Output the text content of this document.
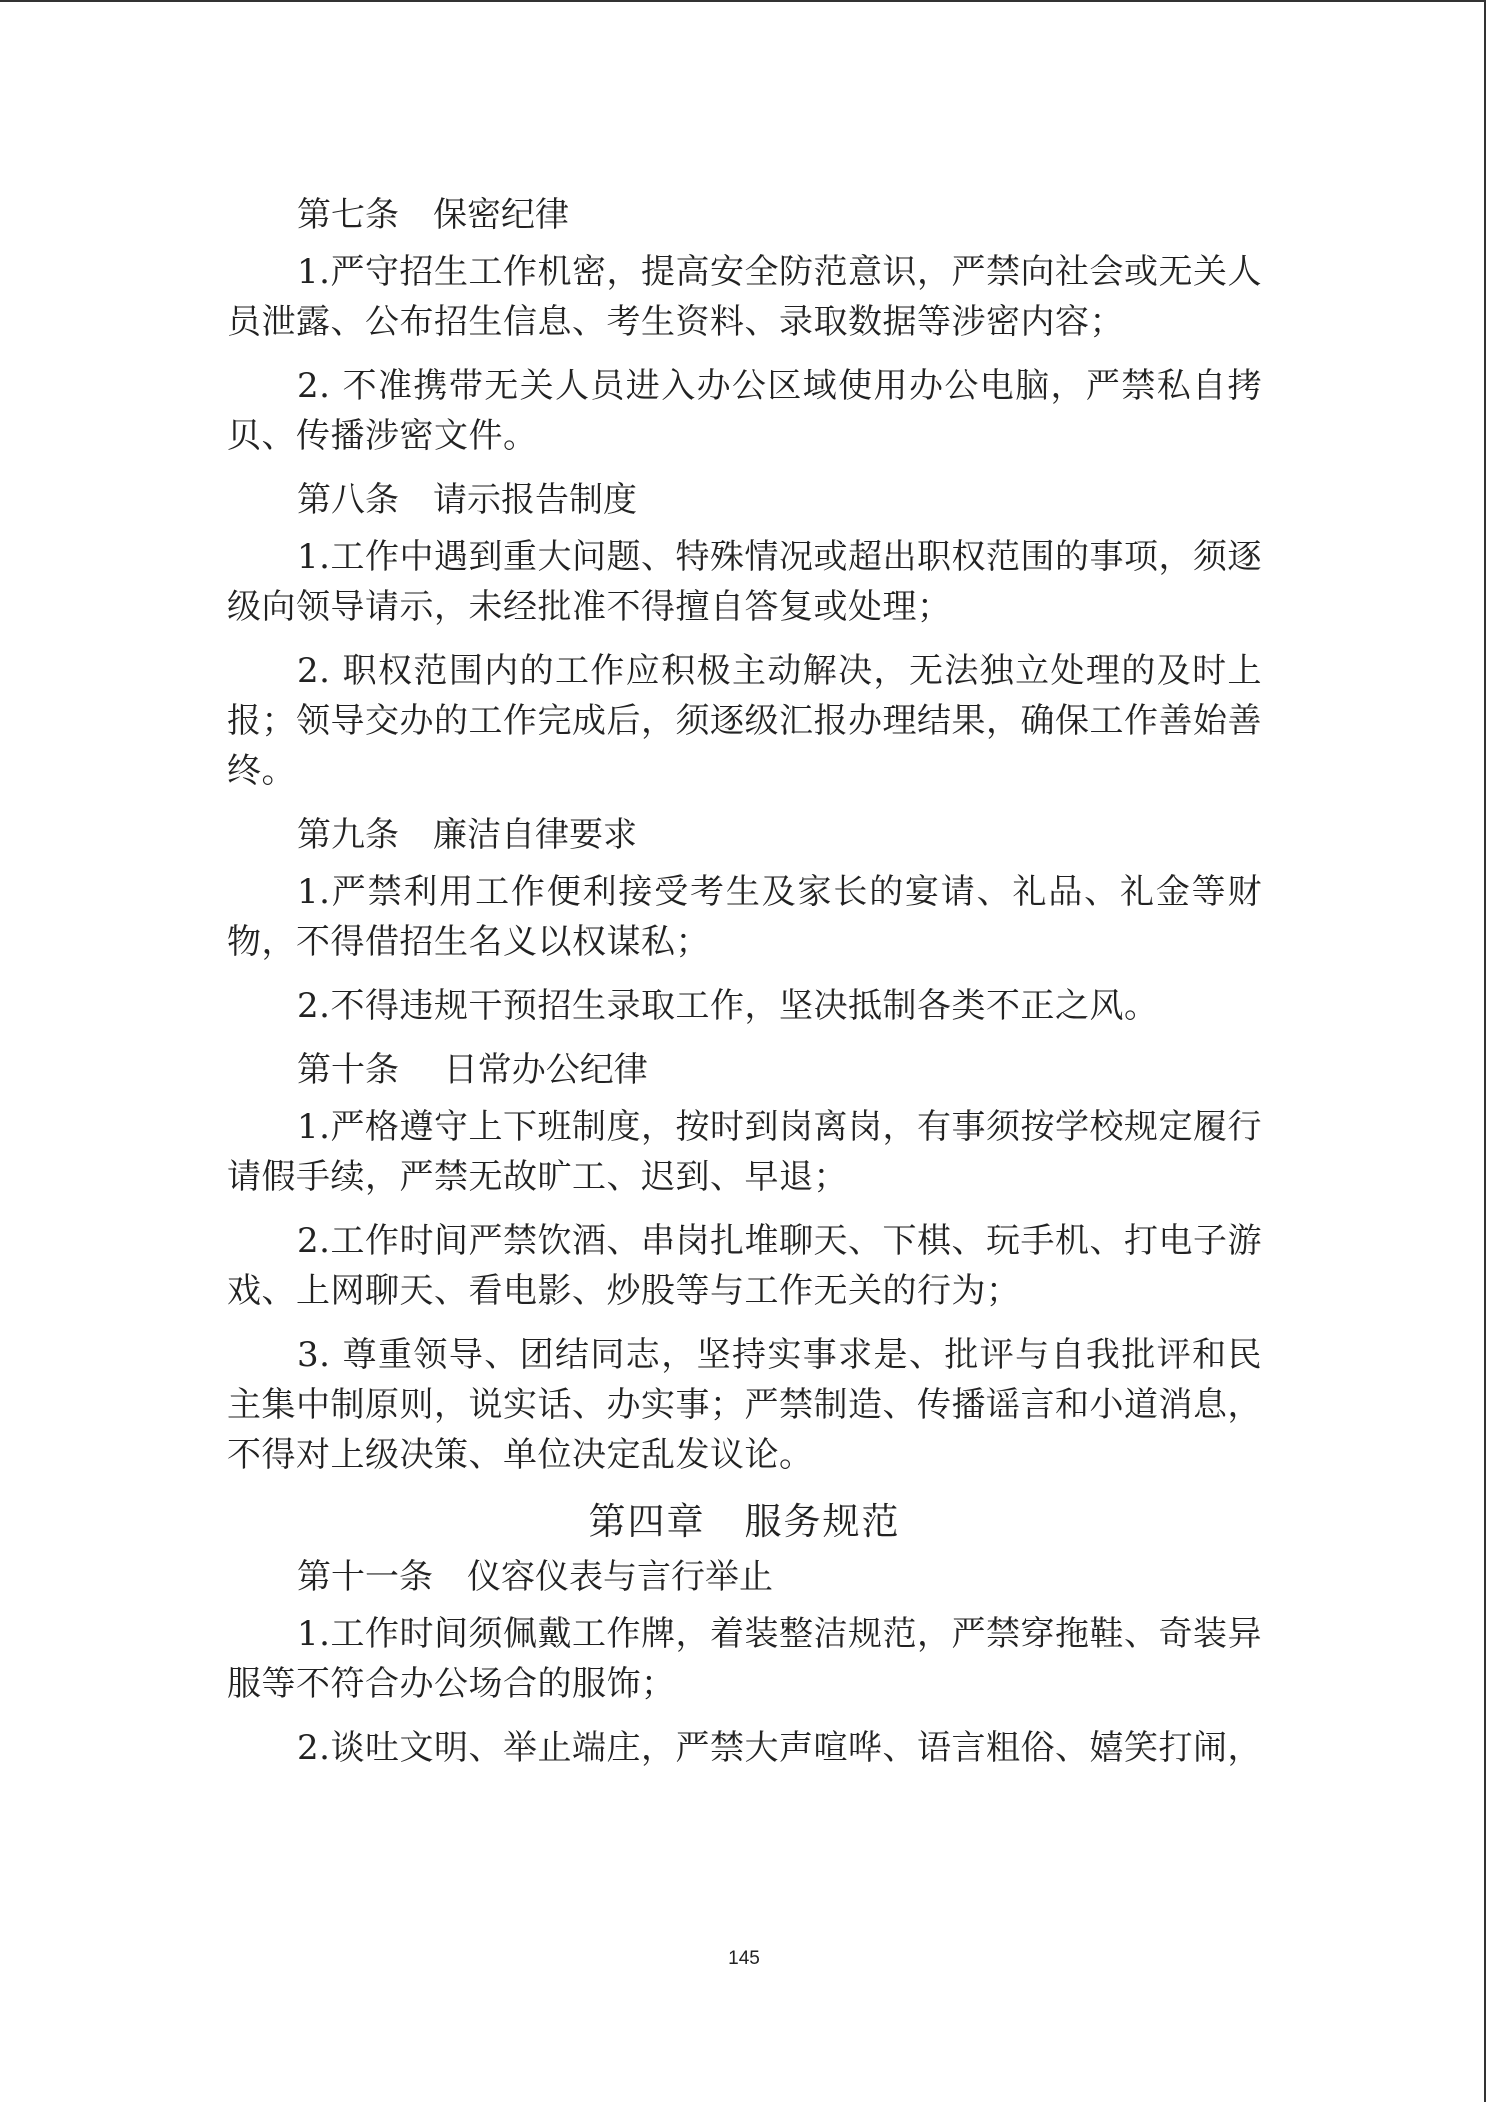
第七条　保密纪律

1.严守招生工作机密，提高安全防范意识，严禁向社会或无关人员泄露、公布招生信息、考生资料、录取数据等涉密内容；

2. 不准携带无关人员进入办公区域使用办公电脑，严禁私自拷贝、传播涉密文件。

第八条　请示报告制度

1.工作中遇到重大问题、特殊情况或超出职权范围的事项，须逐级向领导请示，未经批准不得擅自答复或处理；

2. 职权范围内的工作应积极主动解决，无法独立处理的及时上报；领导交办的工作完成后，须逐级汇报办理结果，确保工作善始善终。

第九条　廉洁自律要求

1.严禁利用工作便利接受考生及家长的宴请、礼品、礼金等财物，不得借招生名义以权谋私；

2.不得违规干预招生录取工作，坚决抵制各类不正之风。

第十条　 日常办公纪律

1.严格遵守上下班制度，按时到岗离岗，有事须按学校规定履行请假手续，严禁无故旷工、迟到、早退；

2.工作时间严禁饮酒、串岗扎堆聊天、下棋、玩手机、打电子游戏、上网聊天、看电影、炒股等与工作无关的行为；

3. 尊重领导、团结同志，坚持实事求是、批评与自我批评和民主集中制原则，说实话、办实事；严禁制造、传播谣言和小道消息，不得对上级决策、单位决定乱发议论。

第四章　服务规范

第十一条　仪容仪表与言行举止

1.工作时间须佩戴工作牌，着装整洁规范，严禁穿拖鞋、奇装异服等不符合办公场合的服饰；

2.谈吐文明、举止端庄，严禁大声喧哗、语言粗俗、嬉笑打闹，

145
